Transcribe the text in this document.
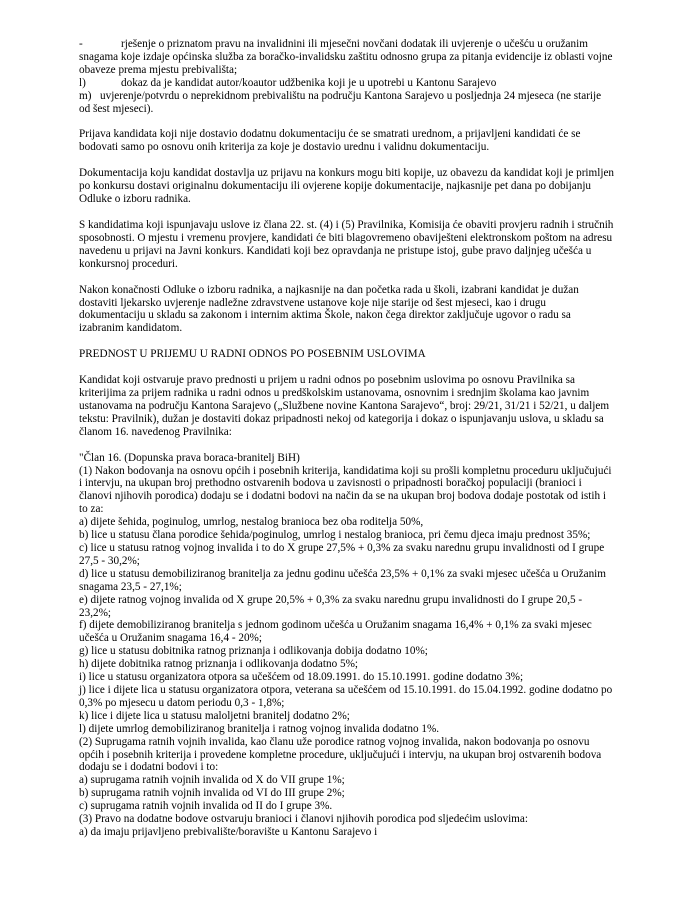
-	rješenje o priznatom pravu na invalidnini ili mjesečni novčani dodatak ili uvjerenje o učešću u oružanim snagama koje izdaje općinska služba za boračko-invalidsku zaštitu odnosno grupa za pitanja evidencije iz oblasti vojne obaveze prema mjestu prebivališta;

l)	dokaz da je kandidat autor/koautor udžbenika koji je u upotrebi u Kantonu Sarajevo

m) uvjerenje/potvrdu o neprekidnom prebivalištu na području Kantona Sarajevo u posljednja 24 mjeseca (ne starije od šest mjeseci).

Prijava kandidata koji nije dostavio dodatnu dokumentaciju će se smatrati urednom, a prijavljeni kandidati će se bodovati samo po osnovu onih kriterija za koje je dostavio urednu i validnu dokumentaciju.

Dokumentacija koju kandidat dostavlja uz prijavu na konkurs mogu biti kopije, uz obavezu da kandidat koji je primljen po konkursu dostavi originalnu dokumentaciju ili ovjerene kopije dokumentacije, najkasnije pet dana po dobijanju Odluke o izboru radnika.

S kandidatima koji ispunjavaju uslove iz člana 22. st. (4) i (5) Pravilnika, Komisija će obaviti provjeru radnih i stručnih sposobnosti. O mjestu i vremenu provjere, kandidati će biti blagovremeno obaviješteni elektronskom poštom na adresu navedenu u prijavi na Javni konkurs. Kandidati koji bez opravdanja ne pristupe istoj, gube pravo daljnjeg učešća u konkursnoj proceduri.

Nakon konačnosti Odluke o izboru radnika, a najkasnije na dan početka rada u školi, izabrani kandidat je dužan dostaviti ljekarsko uvjerenje nadležne zdravstvene ustanove koje nije starije od šest mjeseci, kao i drugu dokumentaciju u skladu sa zakonom i internim aktima Škole, nakon čega direktor zaključuje ugovor o radu sa izabranim kandidatom.

PREDNOST U PRIJEMU U RADNI ODNOS PO POSEBNIM USLOVIMA

Kandidat koji ostvaruje pravo prednosti u prijem u radni odnos po posebnim uslovima po osnovu Pravilnika sa kriterijima za prijem radnika u radni odnos u predškolskim ustanovama, osnovnim i srednjim školama kao javnim ustanovama na području Kantona Sarajevo („Službene novine Kantona Sarajevo“, broj: 29/21, 31/21 i 52/21, u daljem tekstu: Pravilnik), dužan je dostaviti dokaz pripadnosti nekoj od kategorija i dokaz o ispunjavanju uslova, u skladu sa članom 16. navedenog Pravilnika:

"Član 16. (Dopunska prava boraca-branitelj BiH)

(1) Nakon bodovanja na osnovu općih i posebnih kriterija, kandidatima koji su prošli kompletnu proceduru uključujući i intervju, na ukupan broj prethodno ostvarenih bodova u zavisnosti o pripadnosti boračkoj populaciji (branioci i članovi njihovih porodica) dodaju se i dodatni bodovi na način da se na ukupan broj bodova dodaje postotak od istih i to za:

a) dijete šehida, poginulog, umrlog, nestalog branioca bez oba roditelja 50%,

b) lice u statusu člana porodice šehida/poginulog, umrlog i nestalog branioca, pri čemu djeca imaju prednost 35%;

c) lice u statusu ratnog vojnog invalida i to do X grupe 27,5% + 0,3% za svaku narednu grupu invalidnosti od I grupe 27,5 - 30,2%;

d) lice u statusu demobiliziranog branitelja za jednu godinu učešća 23,5% + 0,1% za svaki mjesec učešća u Oružanim snagama 23,5 - 27,1%;

e) dijete ratnog vojnog invalida od X grupe 20,5% + 0,3% za svaku narednu grupu invalidnosti do I grupe 20,5 - 23,2%;

f) dijete demobiliziranog branitelja s jednom godinom učešća u Oružanim snagama 16,4% + 0,1% za svaki mjesec učešća u Oružanim snagama 16,4 - 20%;

g) lice u statusu dobitnika ratnog priznanja i odlikovanja dobija dodatno 10%;

h) dijete dobitnika ratnog priznanja i odlikovanja dodatno 5%;

i) lice u statusu organizatora otpora sa učešćem od 18.09.1991. do 15.10.1991. godine dodatno 3%;

j) lice i dijete lica u statusu organizatora otpora, veterana sa učešćem od 15.10.1991. do 15.04.1992. godine dodatno po 0,3% po mjesecu u datom periodu 0,3 - 1,8%;

k) lice i dijete lica u statusu maloljetni branitelj dodatno 2%;

l) dijete umrlog demobiliziranog branitelja i ratnog vojnog invalida dodatno 1%.

(2) Suprugama ratnih vojnih invalida, kao članu uže porodice ratnog vojnog invalida, nakon bodovanja po osnovu općih i posebnih kriterija i provedene kompletne procedure, uključujući i intervju, na ukupan broj ostvarenih bodova dodaju se i dodatni bodovi i to:

a) suprugama ratnih vojnih invalida od X do VII grupe 1%;

b) suprugama ratnih vojnih invalida od VI do III grupe 2%;

c) suprugama ratnih vojnih invalida od II do I grupe 3%.

(3) Pravo na dodatne bodove ostvaruju branioci i članovi njihovih porodica pod sljedećim uslovima:

a) da imaju prijavljeno prebivalište/boravište u Kantonu Sarajevo i
